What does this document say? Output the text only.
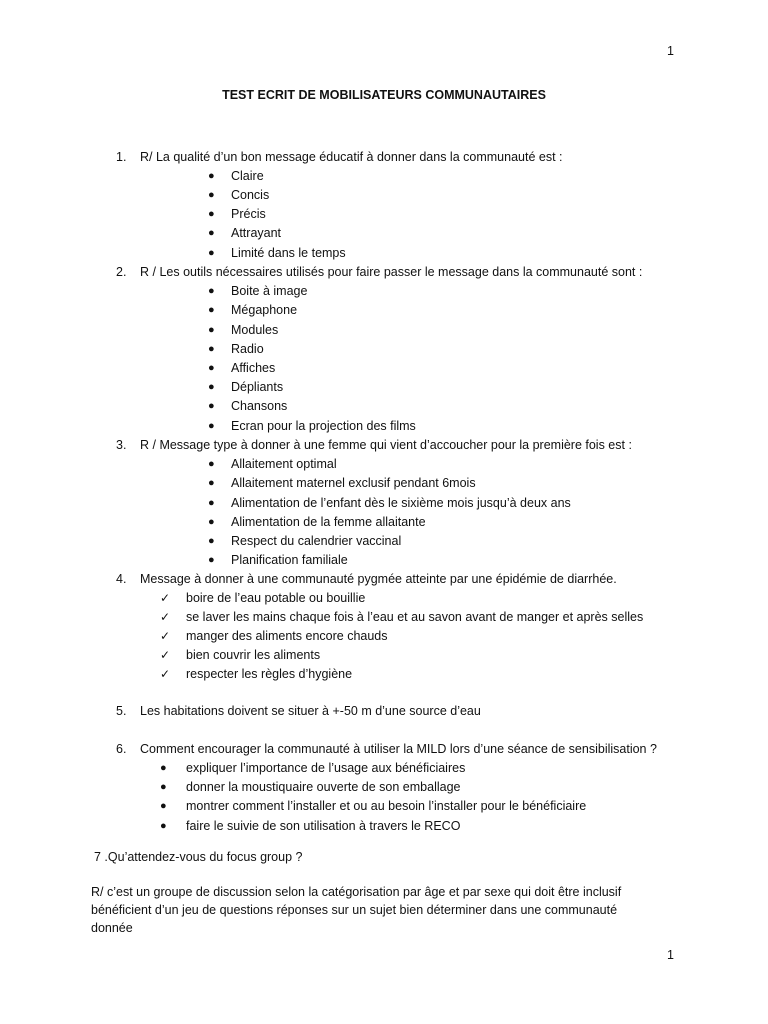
1
TEST ECRIT DE MOBILISATEURS COMMUNAUTAIRES
1. R/ La qualité d’un bon message éducatif à donner dans la communauté est :
● Claire
● Concis
● Précis
● Attrayant
● Limité dans le temps
2. R / Les outils nécessaires utilisés pour faire passer le message dans la communauté sont :
● Boite à image
● Mégaphone
● Modules
● Radio
● Affiches
● Dépliants
● Chansons
● Ecran pour la projection des films
3. R / Message type à donner à une femme qui vient d’accoucher pour la première fois est :
● Allaitement optimal
● Allaitement maternel exclusif pendant 6mois
● Alimentation de l’enfant dès le sixième mois jusqu’à deux ans
● Alimentation de la femme allaitante
● Respect du calendrier vaccinal
● Planification familiale
4. Message à donner à une communauté pygmée atteinte par une épidémie de diarrhée.
✓ boire de l’eau potable ou bouillie
✓ se laver les mains chaque fois à l’eau et au savon avant de manger et après selles
✓ manger des aliments encore chauds
✓ bien couvrir les aliments
✓ respecter les règles d’hygiène
5. Les habitations doivent se situer à +-50 m d’une source d’eau
6. Comment encourager la communauté à utiliser la MILD lors d’une séance de sensibilisation ?
● expliquer l’importance de l’usage aux bénéficiaires
● donner la moustiquaire ouverte de son emballage
● montrer comment l’installer et ou au besoin l’installer pour le bénéficiaire
● faire le suivie de son utilisation à travers le RECO
7 .Qu’attendez-vous du focus group ?
R/ c’est un groupe de discussion selon la catégorisation par âge et par sexe qui doit être inclusif
bénéficient d’un jeu de questions réponses sur un sujet bien déterminer dans une communauté
donnée
1
